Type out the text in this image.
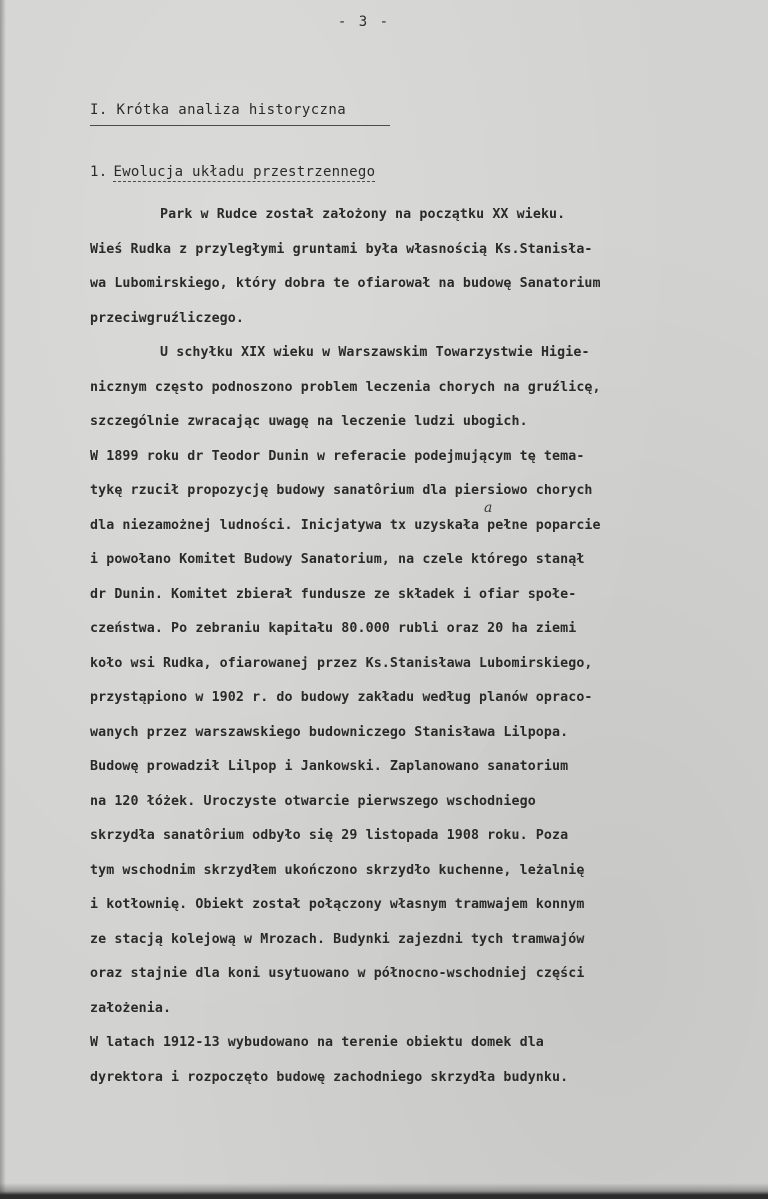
- 3 -
I. Krótka analiza historyczna
1. Ewolucja układu przestrzennego
a
Park w Rudce został założony na początku XX wieku.
Wieś Rudka z przyległymi gruntami była własnością Ks.Stanisła-
wa Lubomirskiego, który dobra te ofiarował na budowę Sanatorium
przeciwgruźliczego.
U schyłku XIX wieku w Warszawskim Towarzystwie Higie-
nicznym często podnoszono problem leczenia chorych na gruźlicę,
szczególnie zwracając uwagę na leczenie ludzi ubogich.
W 1899 roku dr Teodor Dunin w referacie podejmującym tę tema-
tykę rzucił propozycję budowy sanatôrium dla piersiowo chorych
dla niezamożnej ludności. Inicjatywa tx uzyskała pełne poparcie
i powołano Komitet Budowy Sanatorium, na czele którego stanął
dr Dunin. Komitet zbierał fundusze ze składek i ofiar społe-
czeństwa. Po zebraniu kapitału 80.000 rubli oraz 20 ha ziemi
koło wsi Rudka, ofiarowanej przez Ks.Stanisława Lubomirskiego,
przystąpiono w 1902 r. do budowy zakładu według planów opraco-
wanych przez warszawskiego budowniczego Stanisława Lilpopa.
Budowę prowadził Lilpop i Jankowski. Zaplanowano sanatorium
na 120 łóżek. Uroczyste otwarcie pierwszego wschodniego
skrzydła sanatôrium odbyło się 29 listopada 1908 roku. Poza
tym wschodnim skrzydłem ukończono skrzydło kuchenne, leżalnię
i kotłownię. Obiekt został połączony własnym tramwajem konnym
ze stacją kolejową w Mrozach. Budynki zajezdni tych tramwajów
oraz stajnie dla koni usytuowano w północno-wschodniej części
założenia.
W latach 1912-13 wybudowano na terenie obiektu domek dla
dyrektora i rozpoczęto budowę zachodniego skrzydła budynku.
